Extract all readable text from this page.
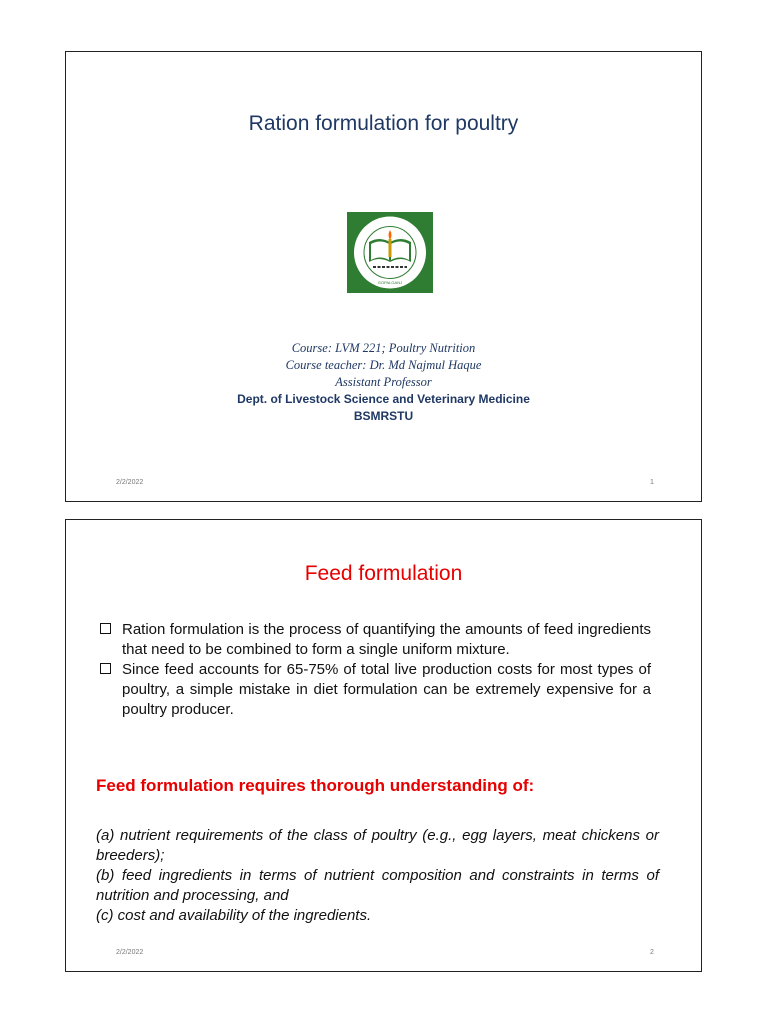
Ration formulation for poultry
GOPALGANJ
Course: LVM 221; Poultry Nutrition
Course teacher: Dr. Md Najmul Haque
Assistant Professor
Dept. of Livestock Science and Veterinary Medicine
BSMRSTU
2/2/2022	1
Feed formulation
Ration formulation is the process of quantifying the amounts of feed ingredients that need to be combined to form a single uniform mixture.
Since feed accounts for 65-75% of total live production costs for most types of poultry, a simple mistake in diet formulation can be extremely expensive for a poultry producer.
Feed formulation requires thorough understanding of:
(a) nutrient requirements of the class of poultry (e.g., egg layers, meat chickens or breeders);
(b) feed ingredients in terms of nutrient composition and constraints in terms of nutrition and processing, and
(c) cost and availability of the ingredients.
2/2/2022	2
